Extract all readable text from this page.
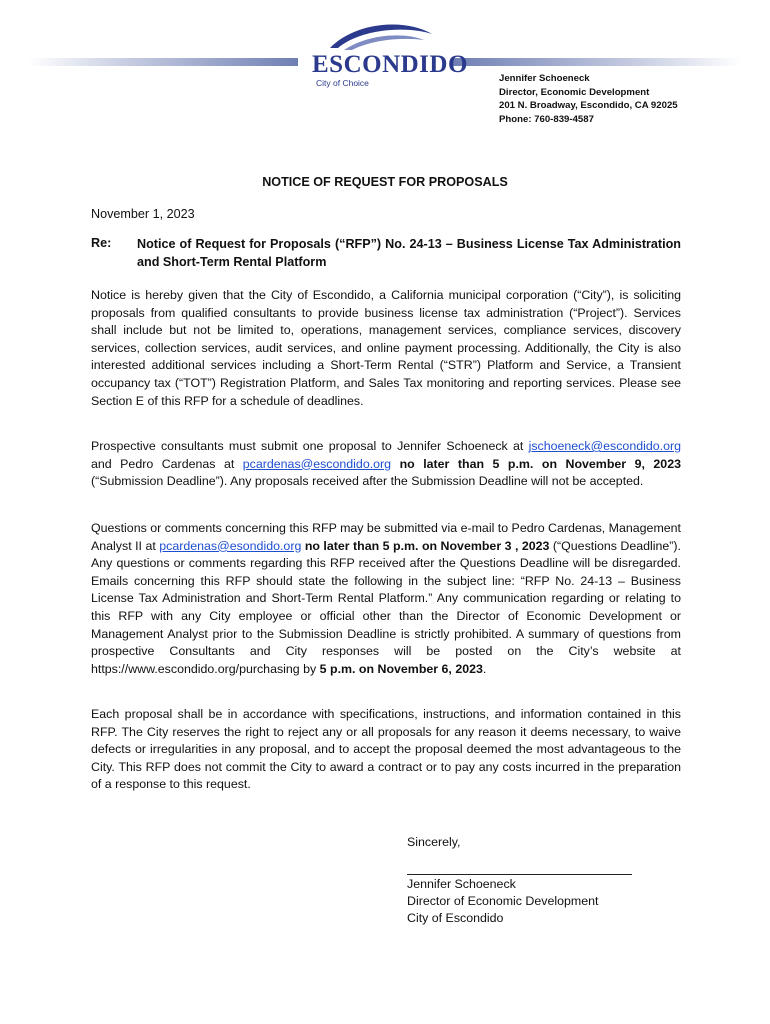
ESCONDIDO
City of Choice	Jennifer Schoeneck
Director, Economic Development
201 N. Broadway, Escondido, CA 92025
Phone: 760-839-4587
NOTICE OF REQUEST FOR PROPOSALS
November 1, 2023
Re: Notice of Request for Proposals (“RFP”) No. 24-13 – Business License Tax Administration and Short-Term Rental Platform
Notice is hereby given that the City of Escondido, a California municipal corporation (“City”), is soliciting proposals from qualified consultants to provide business license tax administration (“Project”). Services shall include but not be limited to, operations, management services, compliance services, discovery services, collection services, audit services, and online payment processing. Additionally, the City is also interested additional services including a Short-Term Rental (“STR”) Platform and Service, a Transient occupancy tax (“TOT”) Registration Platform, and Sales Tax monitoring and reporting services. Please see Section E of this RFP for a schedule of deadlines.
Prospective consultants must submit one proposal to Jennifer Schoeneck at jschoeneck@escondido.org and Pedro Cardenas at pcardenas@escondido.org no later than 5 p.m. on November 9, 2023 (“Submission Deadline”). Any proposals received after the Submission Deadline will not be accepted.
Questions or comments concerning this RFP may be submitted via e-mail to Pedro Cardenas, Management Analyst II at pcardenas@esondido.org no later than 5 p.m. on November 3 , 2023 (“Questions Deadline”). Any questions or comments regarding this RFP received after the Questions Deadline will be disregarded. Emails concerning this RFP should state the following in the subject line: “RFP No. 24-13 – Business License Tax Administration and Short-Term Rental Platform.” Any communication regarding or relating to this RFP with any City employee or official other than the Director of Economic Development or Management Analyst prior to the Submission Deadline is strictly prohibited. A summary of questions from prospective Consultants and City responses will be posted on the City’s website at https://www.escondido.org/purchasing by 5 p.m. on November 6, 2023.
Each proposal shall be in accordance with specifications, instructions, and information contained in this RFP. The City reserves the right to reject any or all proposals for any reason it deems necessary, to waive defects or irregularities in any proposal, and to accept the proposal deemed the most advantageous to the City. This RFP does not commit the City to award a contract or to pay any costs incurred in the preparation of a response to this request.
Sincerely,
Jennifer Schoeneck
Director of Economic Development
City of Escondido
